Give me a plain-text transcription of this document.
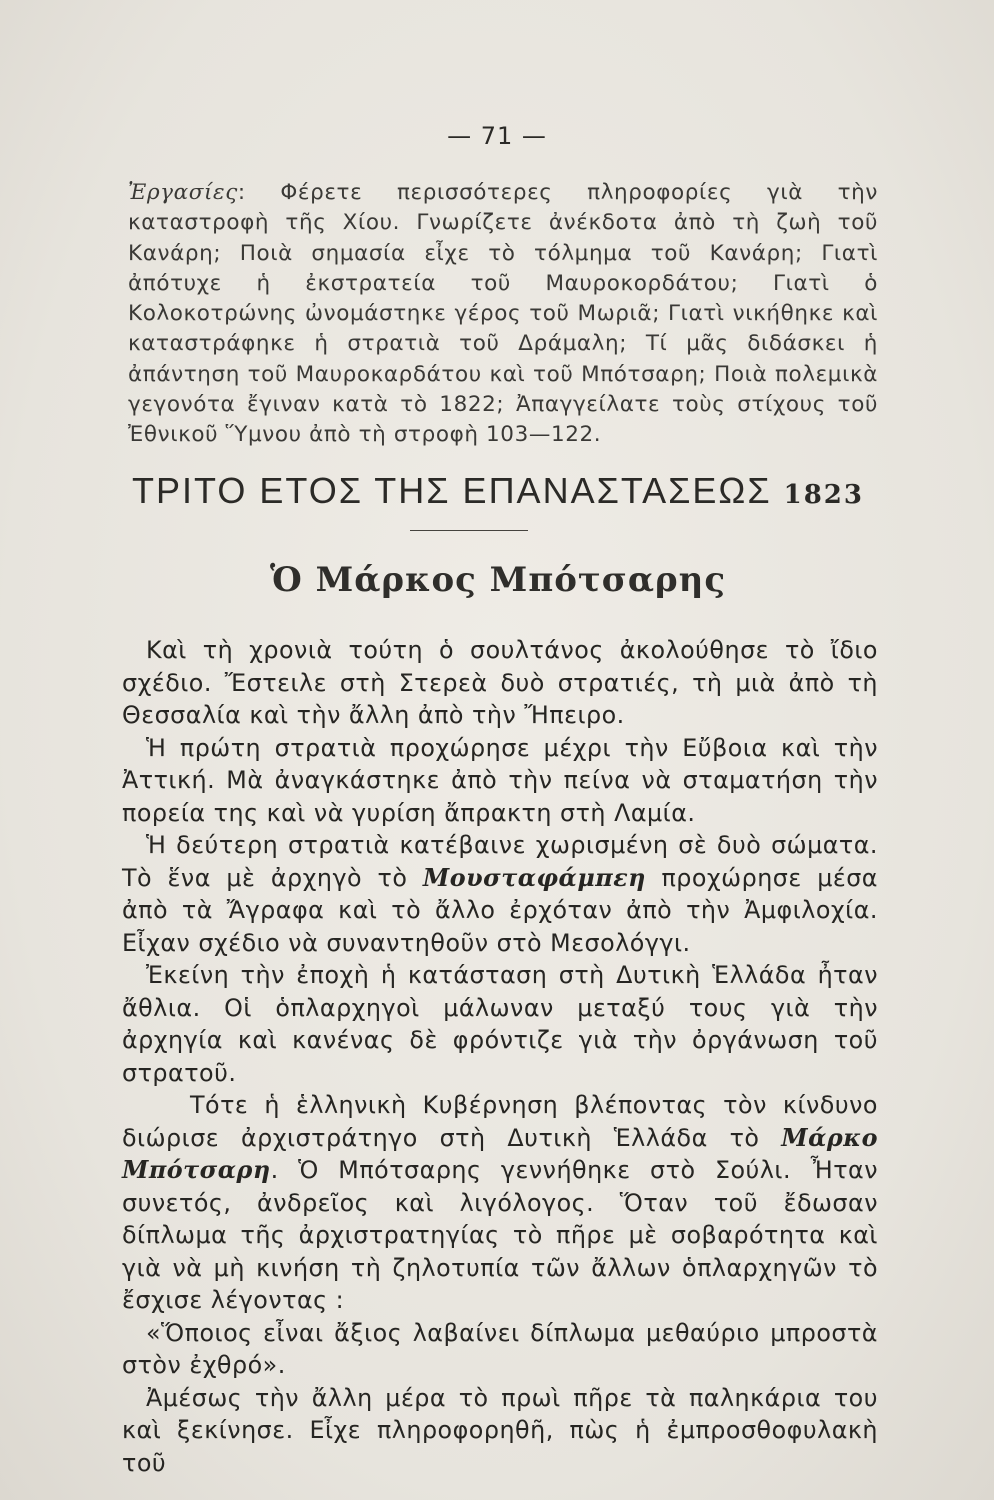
— 71 —
Ἐργασίες: Φέρετε περισσότερες πληροφορίες γιὰ τὴν καταστροφὴ τῆς Χίου. Γνωρίζετε ἀνέκδοτα ἀπὸ τὴ ζωὴ τοῦ Κανάρη; Ποιὰ σημασία εἶχε τὸ τόλμημα τοῦ Κανάρη; Γιατὶ ἀπότυχε ἡ ἐκστρατεία τοῦ Μαυροκορδάτου; Γιατὶ ὁ Κολοκοτρώνης ὠνομάστηκε γέρος τοῦ Μωριᾶ; Γιατὶ νικήθηκε καὶ καταστράφηκε ἡ στρατιὰ τοῦ Δράμαλη; Τί μᾶς διδάσκει ἡ ἀπάντηση τοῦ Μαυροκαρδάτου καὶ τοῦ Μπότσαρη; Ποιὰ πολεμικὰ γεγονότα ἔγιναν κατὰ τὸ 1822; Ἀπαγγείλατε τοὺς στίχους τοῦ Ἐθνικοῦ Ὕμνου ἀπὸ τὴ στροφὴ 103—122.
ΤΡΙΤΟ ΕΤΟΣ ΤΗΣ ΕΠΑΝΑΣΤΑΣΕΩΣ 1823
Ὁ Μάρκος Μπότσαρης

Καὶ τὴ χρονιὰ τούτη ὁ σουλτάνος ἀκολούθησε τὸ ἴδιο σχέδιο. Ἔστειλε στὴ Στερεὰ δυὸ στρατιές, τὴ μιὰ ἀπὸ τὴ Θεσσαλία καὶ τὴν ἄλλη ἀπὸ τὴν Ἤπειρο.

Ἡ πρώτη στρατιὰ προχώρησε μέχρι τὴν Εὔβοια καὶ τὴν Ἀττική. Μὰ ἀναγκάστηκε ἀπὸ τὴν πείνα νὰ σταματήση τὴν πορεία της καὶ νὰ γυρίση ἄπρακτη στὴ Λαμία.

Ἡ δεύτερη στρατιὰ κατέβαινε χωρισμένη σὲ δυὸ σώματα. Τὸ ἕνα μὲ ἀρχηγὸ τὸ Μουσταφάμπεη προχώρησε μέσα ἀπὸ τὰ Ἄγραφα καὶ τὸ ἄλλο ἐρχόταν ἀπὸ τὴν Ἀμφιλοχία. Εἶχαν σχέδιο νὰ συναντηθοῦν στὸ Μεσολόγγι.

Ἐκείνη τὴν ἐποχὴ ἡ κατάσταση στὴ Δυτικὴ Ἑλλάδα ἦταν ἄθλια. Οἱ ὁπλαρχηγοὶ μάλωναν μεταξύ τους γιὰ τὴν ἀρχηγία καὶ κανένας δὲ φρόντιζε γιὰ τὴν ὀργάνωση τοῦ στρατοῦ.

Τότε ἡ ἑλληνικὴ Κυβέρνηση βλέποντας τὸν κίνδυνο διώρισε ἀρχιστράτηγο στὴ Δυτικὴ Ἑλλάδα τὸ Μάρκο Μπότσαρη. Ὁ Μπότσαρης γεννήθηκε στὸ Σούλι. Ἦταν συνετός, ἀνδρεῖος καὶ λιγόλογος. Ὅταν τοῦ ἔδωσαν δίπλωμα τῆς ἀρχιστρατηγίας τὸ πῆρε μὲ σοβαρότητα καὶ γιὰ νὰ μὴ κινήση τὴ ζηλοτυπία τῶν ἄλλων ὁπλαρχηγῶν τὸ ἔσχισε λέγοντας :

«Ὅποιος εἶναι ἄξιος λαβαίνει δίπλωμα μεθαύριο μπροστὰ στὸν ἐχθρό».

Ἀμέσως τὴν ἄλλη μέρα τὸ πρωὶ πῆρε τὰ παληκάρια του καὶ ξεκίνησε. Εἶχε πληροφορηθῆ, πὼς ἡ ἐμπροσθοφυλακὴ τοῦ
